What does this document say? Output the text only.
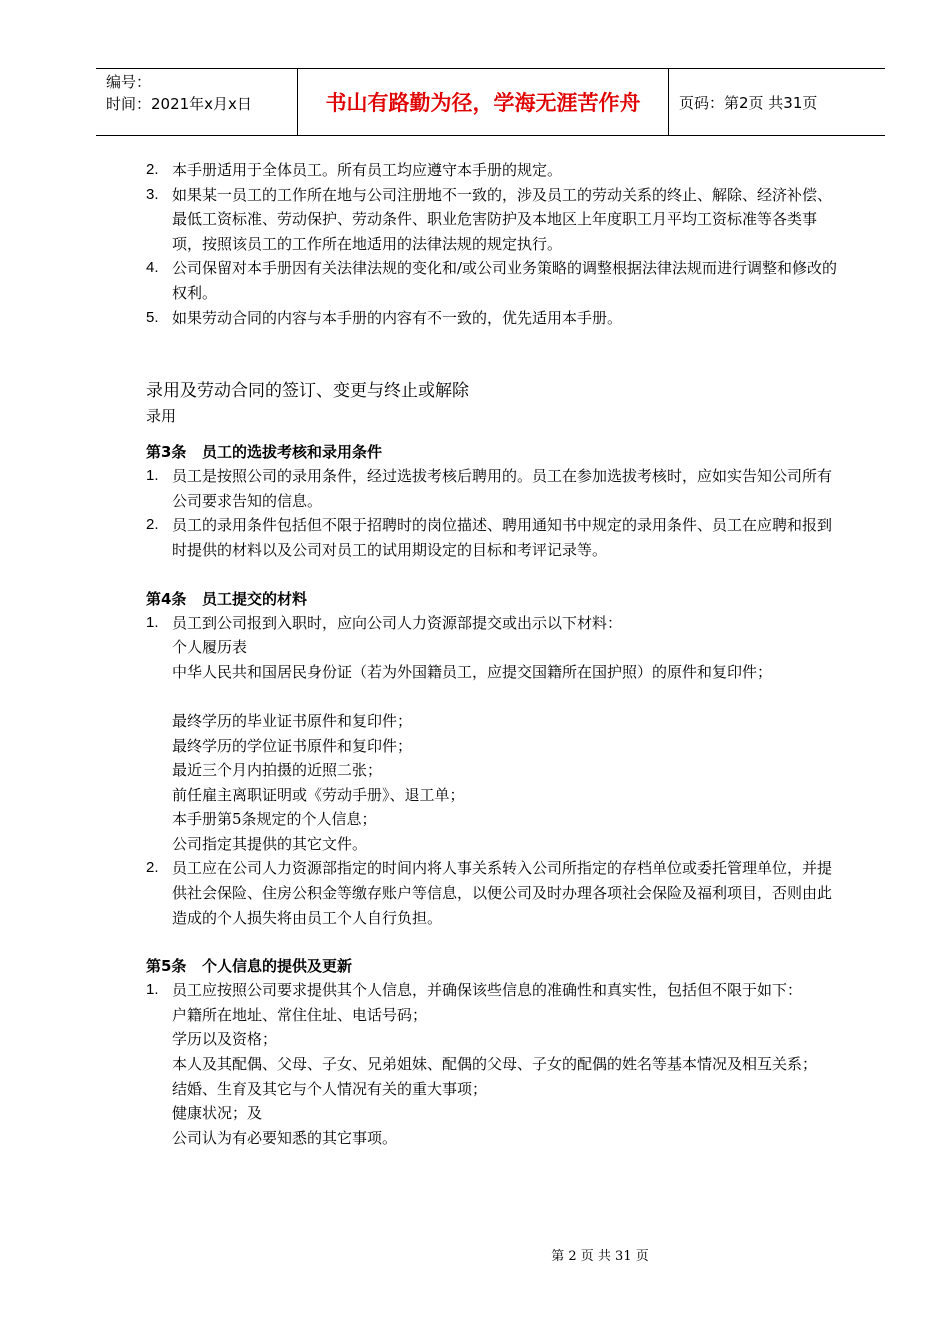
编号：
时间：2021年x月x日	书山有路勤为径，学海无涯苦作舟	页码：第2页 共31页
2. 本手册适用于全体员工。所有员工均应遵守本手册的规定。
3. 如果某一员工的工作所在地与公司注册地不一致的，涉及员工的劳动关系的终止、解除、经济补偿、最低工资标准、劳动保护、劳动条件、职业危害防护及本地区上年度职工月平均工资标准等各类事项，按照该员工的工作所在地适用的法律法规的规定执行。
4. 公司保留对本手册因有关法律法规的变化和/或公司业务策略的调整根据法律法规而进行调整和修改的权利。
5. 如果劳动合同的内容与本手册的内容有不一致的，优先适用本手册。
录用及劳动合同的签订、变更与终止或解除
录用
第3条 员工的选拔考核和录用条件
1. 员工是按照公司的录用条件，经过选拔考核后聘用的。员工在参加选拔考核时，应如实告知公司所有公司要求告知的信息。
2. 员工的录用条件包括但不限于招聘时的岗位描述、聘用通知书中规定的录用条件、员工在应聘和报到时提供的材料以及公司对员工的试用期设定的目标和考评记录等。
第4条 员工提交的材料
1. 员工到公司报到入职时，应向公司人力资源部提交或出示以下材料：
个人履历表
中华人民共和国居民身份证（若为外国籍员工，应提交国籍所在国护照）的原件和复印件；
最终学历的毕业证书原件和复印件；
最终学历的学位证书原件和复印件；
最近三个月内拍摄的近照二张；
前任雇主离职证明或《劳动手册》、退工单；
本手册第5条规定的个人信息；
公司指定其提供的其它文件。
2. 员工应在公司人力资源部指定的时间内将人事关系转入公司所指定的存档单位或委托管理单位，并提供社会保险、住房公积金等缴存账户等信息，以便公司及时办理各项社会保险及福利项目，否则由此造成的个人损失将由员工个人自行负担。
第5条 个人信息的提供及更新
1. 员工应按照公司要求提供其个人信息，并确保该些信息的准确性和真实性，包括但不限于如下：
户籍所在地址、常住住址、电话号码；
学历以及资格；
本人及其配偶、父母、子女、兄弟姐妹、配偶的父母、子女的配偶的姓名等基本情况及相互关系；
结婚、生育及其它与个人情况有关的重大事项；
健康状况；及
公司认为有必要知悉的其它事项。
第 2 页 共 31 页
